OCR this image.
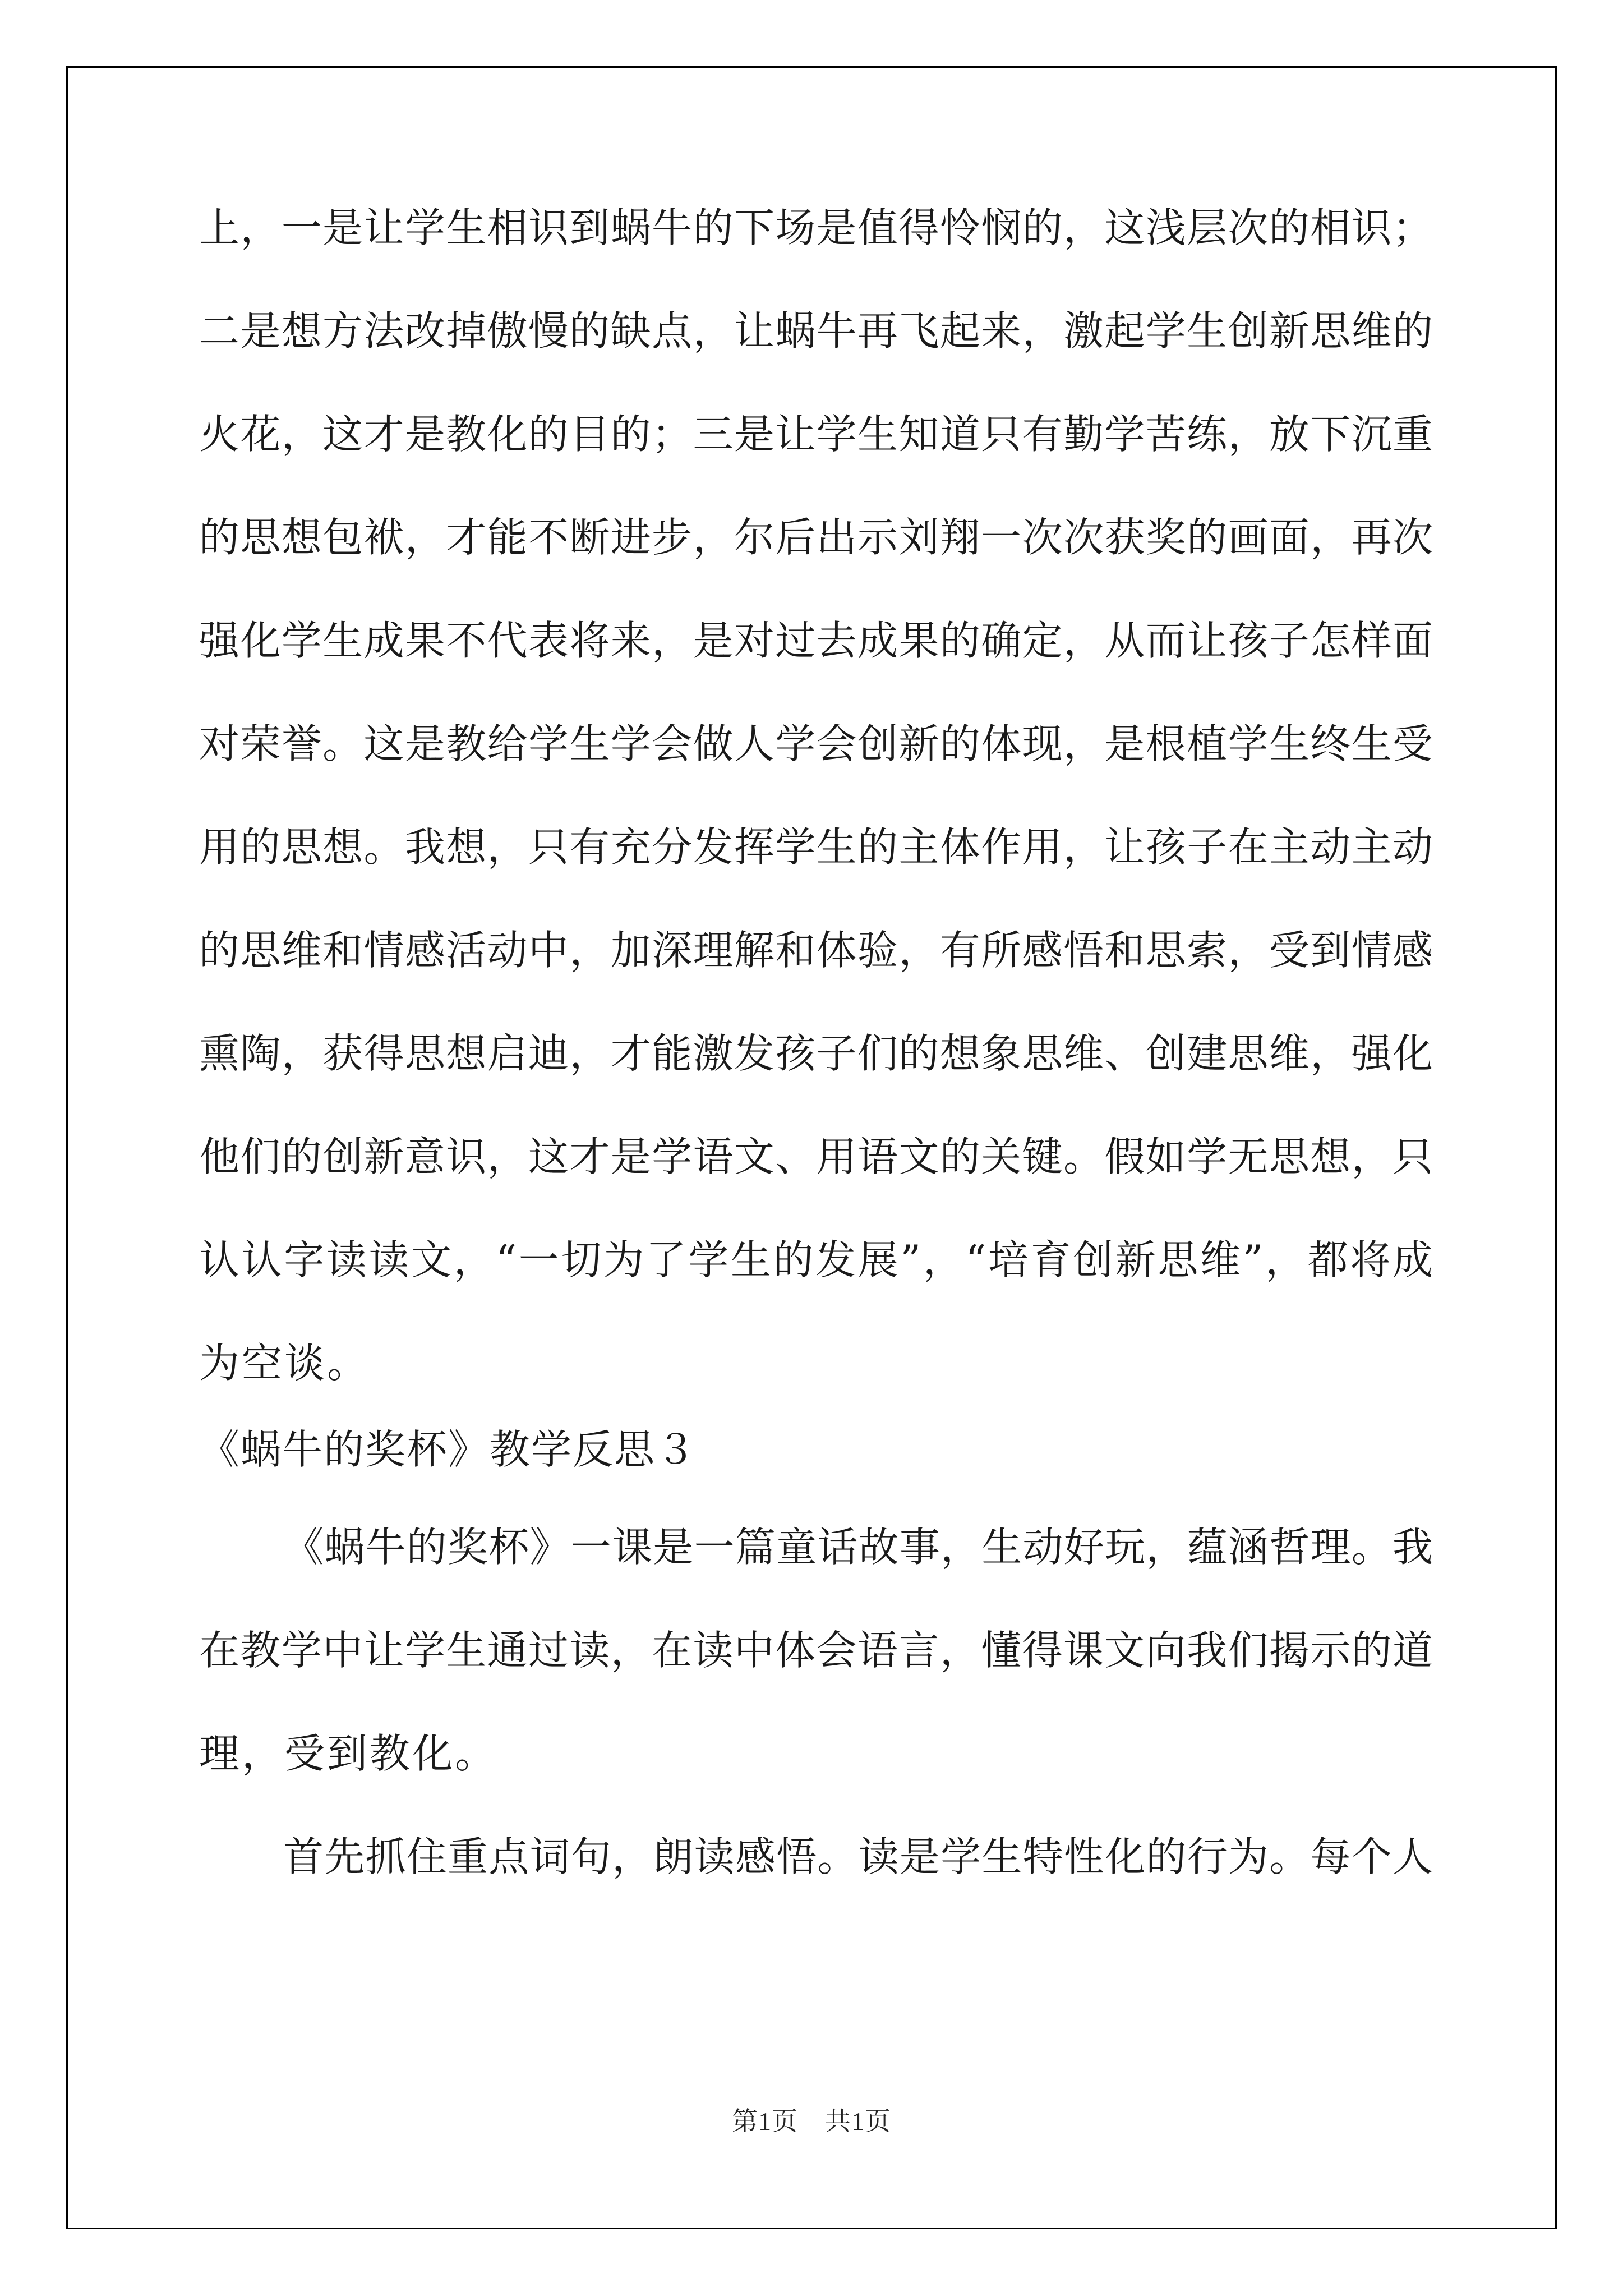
上，一是让学生相识到蜗牛的下场是值得怜悯的，这浅层次的相识；
二是想方法改掉傲慢的缺点，让蜗牛再飞起来，激起学生创新思维的
火花，这才是教化的目的；三是让学生知道只有勤学苦练，放下沉重
的思想包袱，才能不断进步，尔后出示刘翔一次次获奖的画面，再次
强化学生成果不代表将来，是对过去成果的确定，从而让孩子怎样面
对荣誉。这是教给学生学会做人学会创新的体现，是根植学生终生受
用的思想。我想，只有充分发挥学生的主体作用，让孩子在主动主动
的思维和情感活动中，加深理解和体验，有所感悟和思索，受到情感
熏陶，获得思想启迪，才能激发孩子们的想象思维、创建思维，强化
他们的创新意识，这才是学语文、用语文的关键。假如学无思想，只
认认字读读文，“一切为了学生的发展”，“培育创新思维”，都将成
为空谈。
《蜗牛的奖杯》教学反思３
《蜗牛的奖杯》一课是一篇童话故事，生动好玩，蕴涵哲理。我
在教学中让学生通过读，在读中体会语言，懂得课文向我们揭示的道
理，受到教化。
首先抓住重点词句，朗读感悟。读是学生特性化的行为。每个人
第1页 共1页
